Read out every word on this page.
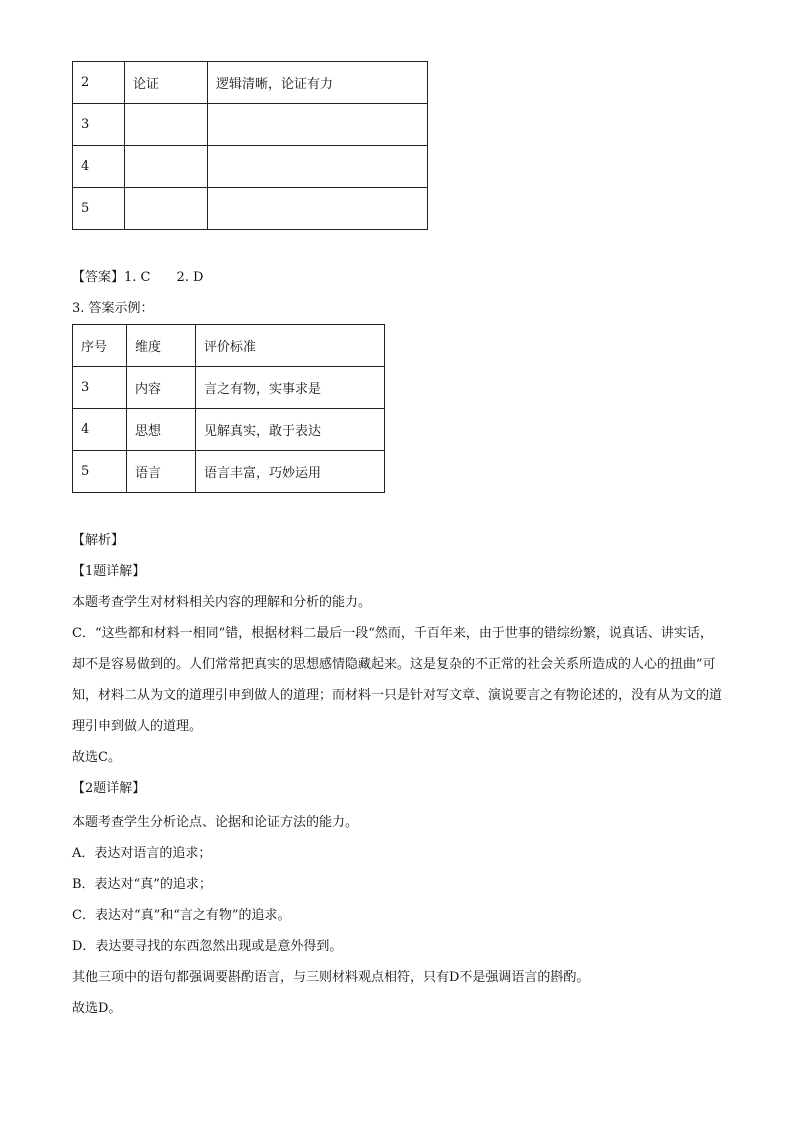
2	论证	逻辑清晰，论证有力
3		
4		
5		
【答案】1. C 2. D
3. 答案示例：
序号	维度	评价标准
3	内容	言之有物，实事求是
4	思想	见解真实，敢于表达
5	语言	语言丰富，巧妙运用
【解析】
【1题详解】
本题考查学生对材料相关内容的理解和分析的能力。
C．“这些都和材料一相同”错，根据材料二最后一段“然而，千百年来，由于世事的错综纷繁，说真话、讲实话，却不是容易做到的。人们常常把真实的思想感情隐藏起来。这是复杂的不正常的社会关系所造成的人心的扭曲”可知，材料二从为文的道理引申到做人的道理；而材料一只是针对写文章、演说要言之有物论述的，没有从为文的道理引申到做人的道理。
故选C。
【2题详解】
本题考查学生分析论点、论据和论证方法的能力。
A．表达对语言的追求；
B．表达对“真”的追求；
C．表达对“真”和“言之有物”的追求。
D．表达要寻找的东西忽然出现或是意外得到。
其他三项中的语句都强调要斟酌语言，与三则材料观点相符，只有D不是强调语言的斟酌。
故选D。
